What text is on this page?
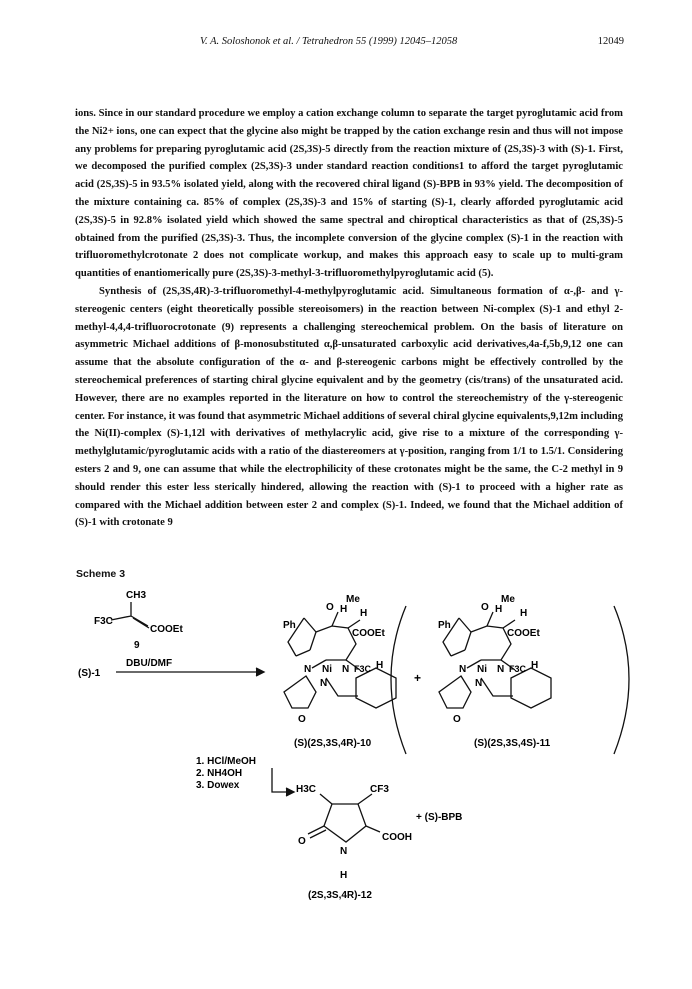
V. A. Soloshonok et al. / Tetrahedron 55 (1999) 12045–12058	12049

ions. Since in our standard procedure we employ a cation exchange column to separate the target pyroglutamic acid from the Ni2+ ions, one can expect that the glycine also might be trapped by the cation exchange resin and thus will not impose any problems for preparing pyroglutamic acid (2S,3S)-5 directly from the reaction mixture of (2S,3S)-3 with (S)-1. First, we decomposed the purified complex (2S,3S)-3 under standard reaction conditions1 to afford the target pyroglutamic acid (2S,3S)-5 in 93.5% isolated yield, along with the recovered chiral ligand (S)-BPB in 93% yield. The decomposition of the mixture containing ca. 85% of complex (2S,3S)-3 and 15% of starting (S)-1, clearly afforded pyroglutamic acid (2S,3S)-5 in 92.8% isolated yield which showed the same spectral and chiroptical characteristics as that of (2S,3S)-5 obtained from the purified (2S,3S)-3. Thus, the incomplete conversion of the glycine complex (S)-1 in the reaction with trifluoromethylcrotonate 2 does not complicate workup, and makes this approach easy to scale up to multi-gram quantities of enantiomerically pure (2S,3S)-3-methyl-3-trifluoromethylpyroglutamic acid (5).

Synthesis of (2S,3S,4R)-3-trifluoromethyl-4-methylpyroglutamic acid. Simultaneous formation of α-,β- and γ-stereogenic centers (eight theoretically possible stereoisomers) in the reaction between Ni-complex (S)-1 and ethyl 2-methyl-4,4,4-trifluorocrotonate (9) represents a challenging stereochemical problem. On the basis of literature on asymmetric Michael additions of β-monosubstituted α,β-unsaturated carboxylic acid derivatives,4a-f,5b,9,12 one can assume that the absolute configuration of the α- and β-stereogenic carbons might be effectively controlled by the stereochemical preferences of starting chiral glycine equivalent and by the geometry (cis/trans) of the unsaturated acid. However, there are no examples reported in the literature on how to control the stereochemistry of the γ-stereogenic center. For instance, it was found that asymmetric Michael additions of several chiral glycine equivalents,9,12m including the Ni(II)-complex (S)-1,12l with derivatives of methylacrylic acid, give rise to a mixture of the corresponding γ-methylglutamic/pyroglutamic acids with a ratio of the diastereomers at γ-position, ranging from 1/1 to 1.5/1. Considering esters 2 and 9, one can assume that while the electrophilicity of these crotonates might be the same, the C-2 methyl in 9 should render this ester less sterically hindered, allowing the reaction with (S)-1 to proceed with a higher rate as compared with the Michael addition between ester 2 and complex (S)-1. Indeed, we found that the Michael addition of (S)-1 with crotonate 9

Scheme 3
CH3
F3C
COOEt
9
DBU/DMF
(S)-1
Ph
O H
Me
H
COOEt
N Ni N F3C H
N
O
(S)(2S,3S,4R)-10
+
Ph
O H
Me
H
COOEt
N Ni N F3C H
N
O
(S)(2S,3S,4S)-11
1. HCl/MeOH
2. NH4OH
3. Dowex	H3C	CF3
O
N
COOH
H
+ (S)-BPB
(2S,3S,4R)-12
